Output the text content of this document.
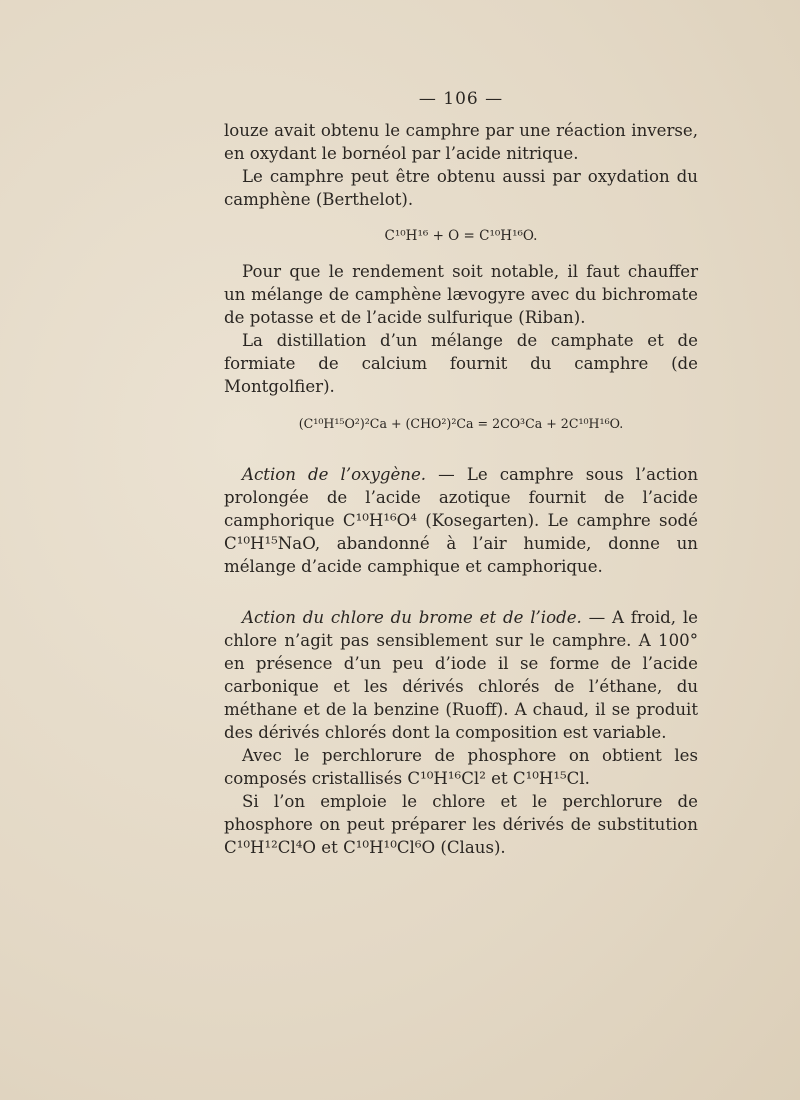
— 106 —

louze avait obtenu le camphre par une réaction inverse, en oxydant le bornéol par l’acide nitrique.

Le camphre peut être obtenu aussi par oxydation du camphène (Berthelot).

C¹⁰H¹⁶ + O = C¹⁰H¹⁶O.

Pour que le rendement soit notable, il faut chauffer un mélange de camphène lævogyre avec du bichromate de potasse et de l’acide sulfurique (Riban).

La distillation d’un mélange de camphate et de formiate de calcium fournit du camphre (de Montgolfier).

(C¹⁰H¹⁵O²)²Ca + (CHO²)²Ca = 2CO³Ca + 2C¹⁰H¹⁶O.

Action de l’oxygène. — Le camphre sous l’action prolongée de l’acide azotique fournit de l’acide camphorique C¹⁰H¹⁶O⁴ (Kosegarten). Le camphre sodé C¹⁰H¹⁵NaO, abandonné à l’air humide, donne un mélange d’acide camphique et camphorique.

Action du chlore du brome et de l’iode. — A froid, le chlore n’agit pas sensiblement sur le camphre. A 100° en présence d’un peu d’iode il se forme de l’acide carbonique et les dérivés chlorés de l’éthane, du méthane et de la benzine (Ruoff). A chaud, il se produit des dérivés chlorés dont la composition est variable.

Avec le perchlorure de phosphore on obtient les composés cristallisés C¹⁰H¹⁶Cl² et C¹⁰H¹⁵Cl.

Si l’on emploie le chlore et le perchlorure de phosphore on peut préparer les dérivés de substitution C¹⁰H¹²Cl⁴O et C¹⁰H¹⁰Cl⁶O (Claus).
